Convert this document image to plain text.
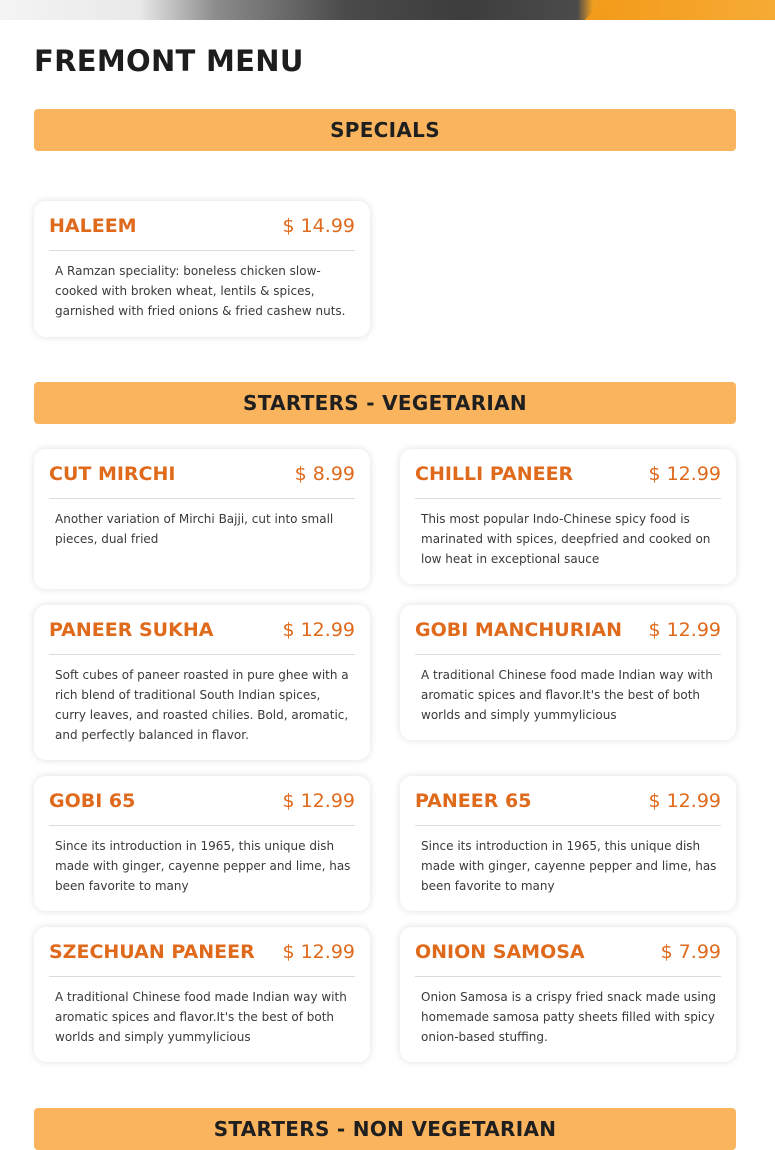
FREMONT MENU
SPECIALS
HALEEM	$ 14.99

A Ramzan speciality: boneless chicken slow-cooked with broken wheat, lentils & spices, garnished with fried onions & fried cashew nuts.

STARTERS - VEGETARIAN
CUT MIRCHI	$ 8.99

Another variation of Mirchi Bajji, cut into small pieces, dual fried

CHILLI PANEER	$ 12.99

This most popular Indo-Chinese spicy food is marinated with spices, deepfried and cooked on low heat in exceptional sauce

PANEER SUKHA	$ 12.99

Soft cubes of paneer roasted in pure ghee with a rich blend of traditional South Indian spices, curry leaves, and roasted chilies. Bold, aromatic, and perfectly balanced in flavor.

GOBI MANCHURIAN $ 12.99

A traditional Chinese food made Indian way with aromatic spices and flavor.It's the best of both worlds and simply yummylicious

GOBI 65	$ 12.99

Since its introduction in 1965, this unique dish made with ginger, cayenne pepper and lime, has been favorite to many

PANEER 65	$ 12.99

Since its introduction in 1965, this unique dish made with ginger, cayenne pepper and lime, has been favorite to many

SZECHUAN PANEER $ 12.99

A traditional Chinese food made Indian way with aromatic spices and flavor.It's the best of both worlds and simply yummylicious

ONION SAMOSA	$ 7.99

Onion Samosa is a crispy fried snack made using homemade samosa patty sheets filled with spicy onion-based stuffing.

STARTERS - NON VEGETARIAN
